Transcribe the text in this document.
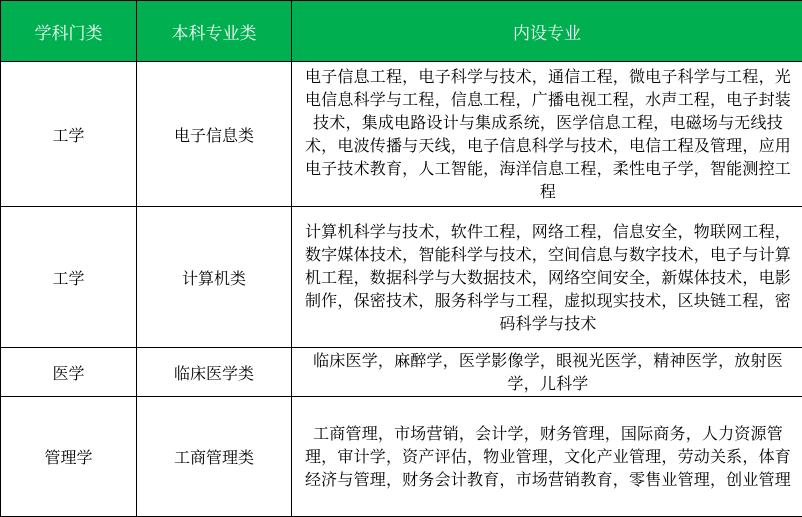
学科门类	本科专业类	内设专业
工学	电子信息类	电子信息工程，电子科学与技术，通信工程，微电子科学与工程，光电信息科学与工程，信息工程，广播电视工程，水声工程，电子封装技术，集成电路设计与集成系统，医学信息工程，电磁场与无线技术，电波传播与天线，电子信息科学与技术，电信工程及管理，应用电子技术教育，人工智能，海洋信息工程，柔性电子学，智能测控工程
工学	计算机类	计算机科学与技术，软件工程，网络工程，信息安全，物联网工程，数字媒体技术，智能科学与技术，空间信息与数字技术，电子与计算机工程，数据科学与大数据技术，网络空间安全，新媒体技术，电影制作，保密技术，服务科学与工程，虚拟现实技术，区块链工程，密码科学与技术
医学	临床医学类	临床医学，麻醉学，医学影像学，眼视光医学，精神医学，放射医学，儿科学
管理学	工商管理类	工商管理，市场营销，会计学，财务管理，国际商务，人力资源管理，审计学，资产评估，物业管理，文化产业管理，劳动关系，体育经济与管理，财务会计教育，市场营销教育，零售业管理，创业管理
